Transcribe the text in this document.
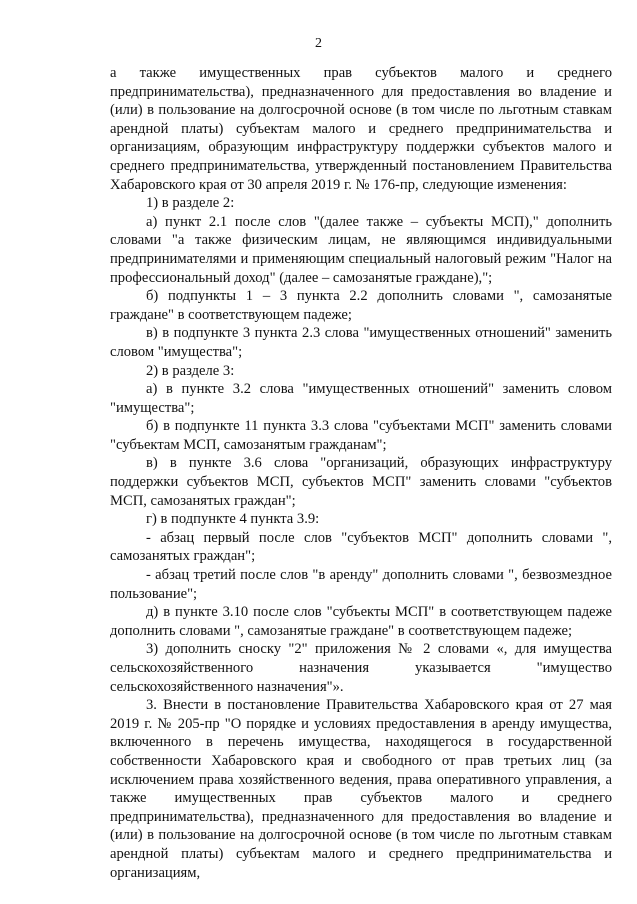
2

а также имущественных прав субъектов малого и среднего предпринимательства), предназначенного для предоставления во владение и (или) в пользование на долгосрочной основе (в том числе по льготным ставкам арендной платы) субъектам малого и среднего предпринимательства и организациям, образующим инфраструктуру поддержки субъектов малого и среднего предпринимательства, утвержденный постановлением Правительства Хабаровского края от 30 апреля 2019 г. № 176-пр, следующие изменения:

1) в разделе 2:

а) пункт 2.1 после слов "(далее также – субъекты МСП)," дополнить словами "а также физическим лицам, не являющимся индивидуальными предпринимателями и применяющим специальный налоговый режим "Налог на профессиональный доход" (далее – самозанятые граждане),";

б) подпункты 1 – 3 пункта 2.2 дополнить словами ", самозанятые граждане" в соответствующем падеже;

в) в подпункте 3 пункта 2.3 слова "имущественных отношений" заменить словом "имущества";

2) в разделе 3:

а) в пункте 3.2 слова "имущественных отношений" заменить словом "имущества";

б) в подпункте 11 пункта 3.3 слова "субъектами МСП" заменить словами "субъектам МСП, самозанятым гражданам";

в) в пункте 3.6 слова "организаций, образующих инфраструктуру поддержки субъектов МСП, субъектов МСП" заменить словами "субъектов МСП, самозанятых граждан";

г) в подпункте 4 пункта 3.9:

- абзац первый после слов "субъектов МСП" дополнить словами ", самозанятых граждан";

- абзац третий после слов "в аренду" дополнить словами ", безвозмездное пользование";

д) в пункте 3.10 после слов "субъекты МСП" в соответствующем падеже дополнить словами ", самозанятые граждане" в соответствующем падеже;

3) дополнить сноску "2" приложения № 2 словами «, для имущества сельскохозяйственного назначения указывается "имущество сельскохозяйственного назначения"».

3. Внести в постановление Правительства Хабаровского края от 27 мая 2019 г. № 205-пр "О порядке и условиях предоставления в аренду имущества, включенного в перечень имущества, находящегося в государственной собственности Хабаровского края и свободного от прав третьих лиц (за исключением права хозяйственного ведения, права оперативного управления, а также имущественных прав субъектов малого и среднего предпринимательства), предназначенного для предоставления во владение и (или) в пользование на долгосрочной основе (в том числе по льготным ставкам арендной платы) субъектам малого и среднего предпринимательства и организациям,
